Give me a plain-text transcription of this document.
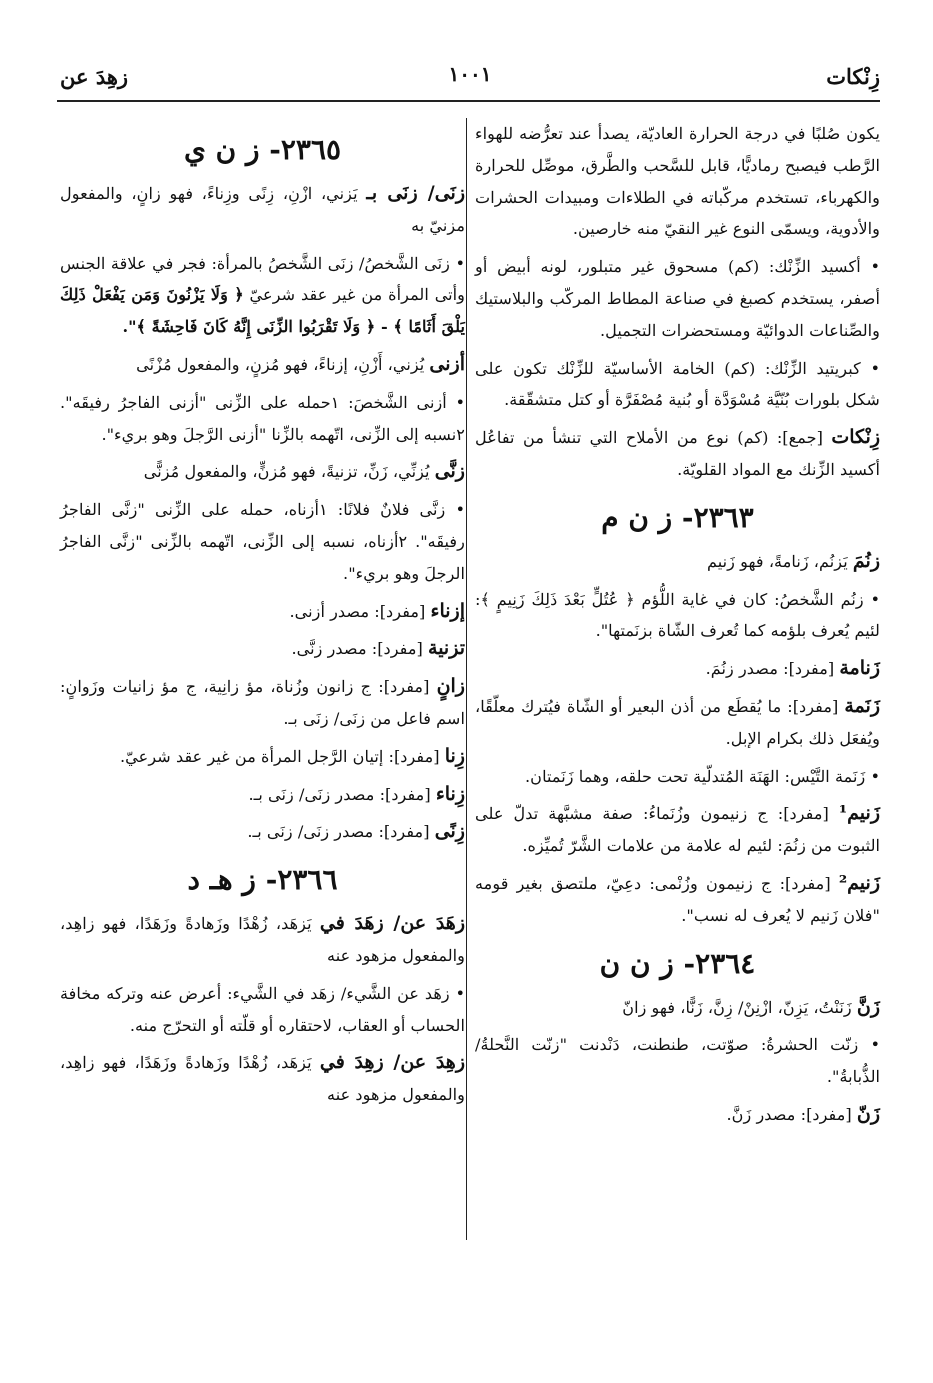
زِنْكات
١٠٠١
زهِدَ عن

يكون صُلبًا في درجة الحرارة العاديّة، يصدأ عند تعرُّضه للهواء الرَّطب فيصبح رماديًّا، قابل للسَّحب والطَّرق، موصِّل للحرارة والكهرباء، تستخدم مركّباته في الطلاءات ومبيدات الحشرات والأدوية، ويسمّى النوع غير النقيّ منه خارصين.

• أكسيد الزِّنْك: (كم) مسحوق غير متبلور، لونه أبيض أو أصفر، يستخدم كصبغ في صناعة المطاط المركّب والبلاستيك والصِّناعات الدوائيّة ومستحضرات التجميل.

• كبريتيد الزِّنْك: (كم) الخامة الأساسيّة للزِّنْك تكون على شكل بلورات بُنّيَّة مُسْوَدَّة أو بُنية مُصْفَرَّة أو كتل متشقّقة.

زِنْكات [جمع]: (كم) نوع من الأملاح التي تنشأ من تفاعُل أكسيد الزِّنك مع المواد القلويّة.

٢٣٦٣- ز ن م

زنُمَ يَزنُم، زَنامةً، فهو زَنيم

• زنُم الشَّخصُ: كان في غاية اللُّؤم ﴿ عُتُلٍّ بَعْدَ ذَلِكَ زَنِيمٍ ﴾: لئيم يُعرف بلؤمه كما تُعرف الشّاة بزنَمتها".

زَنامة [مفرد]: مصدر زنُمَ.

زَنَمة [مفرد]: ما يُقطَع من أذن البعير أو الشّاة فيُترك معلّقًا، ويُفعَل ذلك بكرام الإبل.

• زَنَمة التَّيْس: الهَنَة المُتدلّية تحت حلقه، وهما زَنَمتان.

زَنيم¹ [مفرد]: ج زنيمون وزُنَماءُ: صفة مشبَّهة تدلّ على الثبوت من زنُمَ: لئيم له علامة من علامات الشَّرّ تُميِّزه.

زَنيم² [مفرد]: ج زنيمون وزُنْمى: دعِيّ، ملتصق بغير قومه "فلان زَنيم لا يُعرف له نسب".

٢٣٦٤- ز ن ن

زَنَّ زَنَنْتُ، يَزِنّ، ازْنِنْ/ زِنَّ، زَنًّا، فهو زانّ

• زنّت الحشرةُ: صوّتت، طنطنت، دَنْدنت "زنّت النَّحلةُ/ الذُّبابةُ".

زَنّ [مفرد]: مصدر زَنَّ.

٢٣٦٥- ز ن ي

زنَى/ زنَى بـ يَزني، ازْنِ، زِنًى وزِناءً، فهو زانٍ، والمفعول مزنيّ به

• زنَى الشَّخصُ/ زنَى الشَّخصُ بالمرأة: فجر في علاقة الجنس وأتى المرأة من غير عقد شرعيّ ﴿ وَلَا يَزْنُونَ وَمَن يَفْعَلْ ذَلِكَ يَلْقَ أَثَامًا ﴾ - ﴿ وَلَا تَقْرَبُوا الزِّنَى إِنَّهُ كَانَ فَاحِشَةً ﴾".

أزنى يُزني، أَزْنِ، إزناءً، فهو مُزنٍ، والمفعول مُزْنًى

• أزنى الشَّخصَ: ١حمله على الزِّنى "أزنى الفاجرُ رفيقَه". ٢نسبه إلى الزِّنى، اتّهمه بالزِّنا "أزنى الرَّجلَ وهو بريء".

زنَّى يُزنِّي، زَنِّ، تزنيةً، فهو مُزنٍّ، والمفعول مُزنًّى

• زنَّى فلانٌ فلانًا: ١أزناه، حمله على الزِّنى "زنَّى الفاجرُ رفيقَه". ٢أزناه، نسبه إلى الزِّنى، اتّهمه بالزِّنى "زنَّى الفاجرُ الرجلَ وهو بريء".

إزناء [مفرد]: مصدر أزنى.

تزنية [مفرد]: مصدر زنَّى.

زانٍ [مفرد]: ج زانون وزُناة، مؤ زانِية، ج مؤ زانيات وزَوانٍ: اسم فاعل من زنَى/ زنَى بـ.

زِنا [مفرد]: إتيان الرَّجل المرأة من غير عقد شرعيّ.

زِناء [مفرد]: مصدر زنَى/ زنَى بـ.

زِنًى [مفرد]: مصدر زنَى/ زنَى بـ.

٢٣٦٦- ز هـ د

زهَدَ عن/ زهَدَ في يَزهَد، زُهْدًا وزَهادةً وزَهَدًا، فهو زاهِد، والمفعول مزهود عنه

• زهَد عن الشَّيء/ زهَد في الشَّيء: أعرض عنه وتركه مخافة الحساب أو العقاب، لاحتقاره أو قلّته أو التحرّج منه.

زهِدَ عن/ زهِدَ في يَزهَد، زُهْدًا وزَهادةً وزَهَدًا، فهو زاهِد، والمفعول مزهود عنه
